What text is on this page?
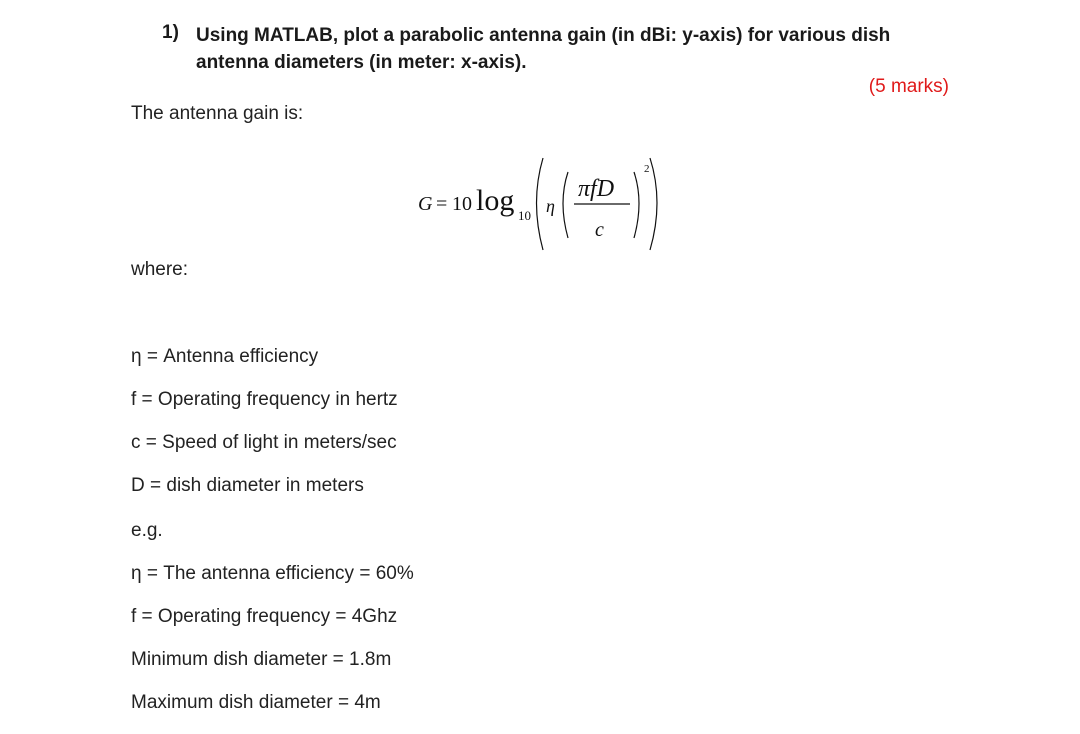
1) Using MATLAB, plot a parabolic antenna gain (in dBi: y-axis) for various dish antenna diameters (in meter: x-axis).
(5 marks)
The antenna gain is:
G = 10 log 10 η
πfD
c
2
where:
η = Antenna efficiency
f = Operating frequency in hertz
c = Speed of light in meters/sec
D = dish diameter in meters
e.g.
η = The antenna efficiency = 60%
f = Operating frequency = 4Ghz
Minimum dish diameter = 1.8m
Maximum dish diameter = 4m
